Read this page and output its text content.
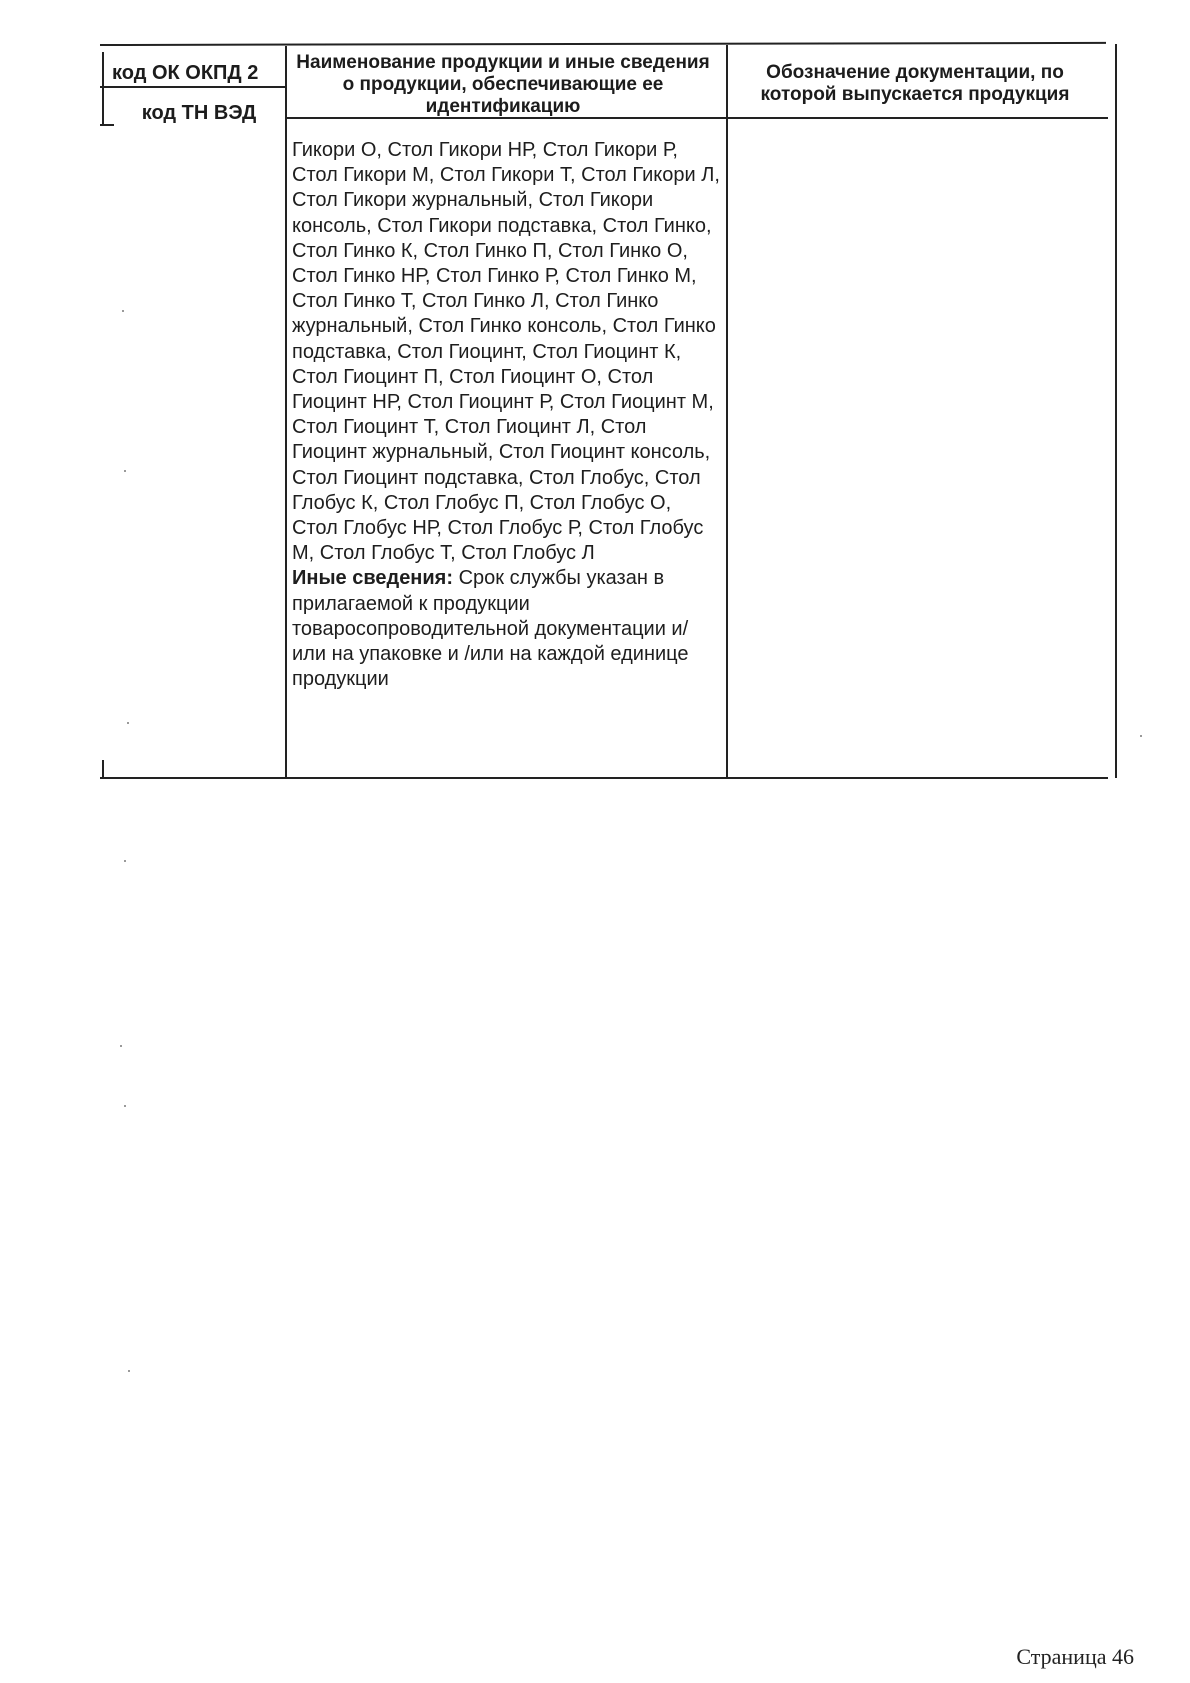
код ОК ОКПД 2
код ТН ВЭД
Наименование продукции и иные сведения о продукции, обеспечивающие ее идентификацию
Обозначение документации, по которой выпускается продукция
Гикори О, Стол Гикори НР, Стол Гикори Р, Стол Гикори М, Стол Гикори Т, Стол Гикори Л, Стол Гикори журнальный, Стол Гикори консоль, Стол Гикори подставка, Стол Гинко, Стол Гинко К, Стол Гинко П, Стол Гинко О, Стол Гинко НР, Стол Гинко Р, Стол Гинко М, Стол Гинко Т, Стол Гинко Л, Стол Гинко журнальный, Стол Гинко консоль, Стол Гинко подставка, Стол Гиоцинт, Стол Гиоцинт К, Стол Гиоцинт П, Стол Гиоцинт О, Стол Гиоцинт НР, Стол Гиоцинт Р, Стол Гиоцинт М, Стол Гиоцинт Т, Стол Гиоцинт Л, Стол Гиоцинт журнальный, Стол Гиоцинт консоль, Стол Гиоцинт подставка, Стол Глобус, Стол Глобус К, Стол Глобус П, Стол Глобус О, Стол Глобус НР, Стол Глобус Р, Стол Глобус М, Стол Глобус Т, Стол Глобус Л
Иные сведения: Срок службы указан в прилагаемой к продукции товаросопроводительной документации и/или на упаковке и /или на каждой единице продукции
Страница 46
